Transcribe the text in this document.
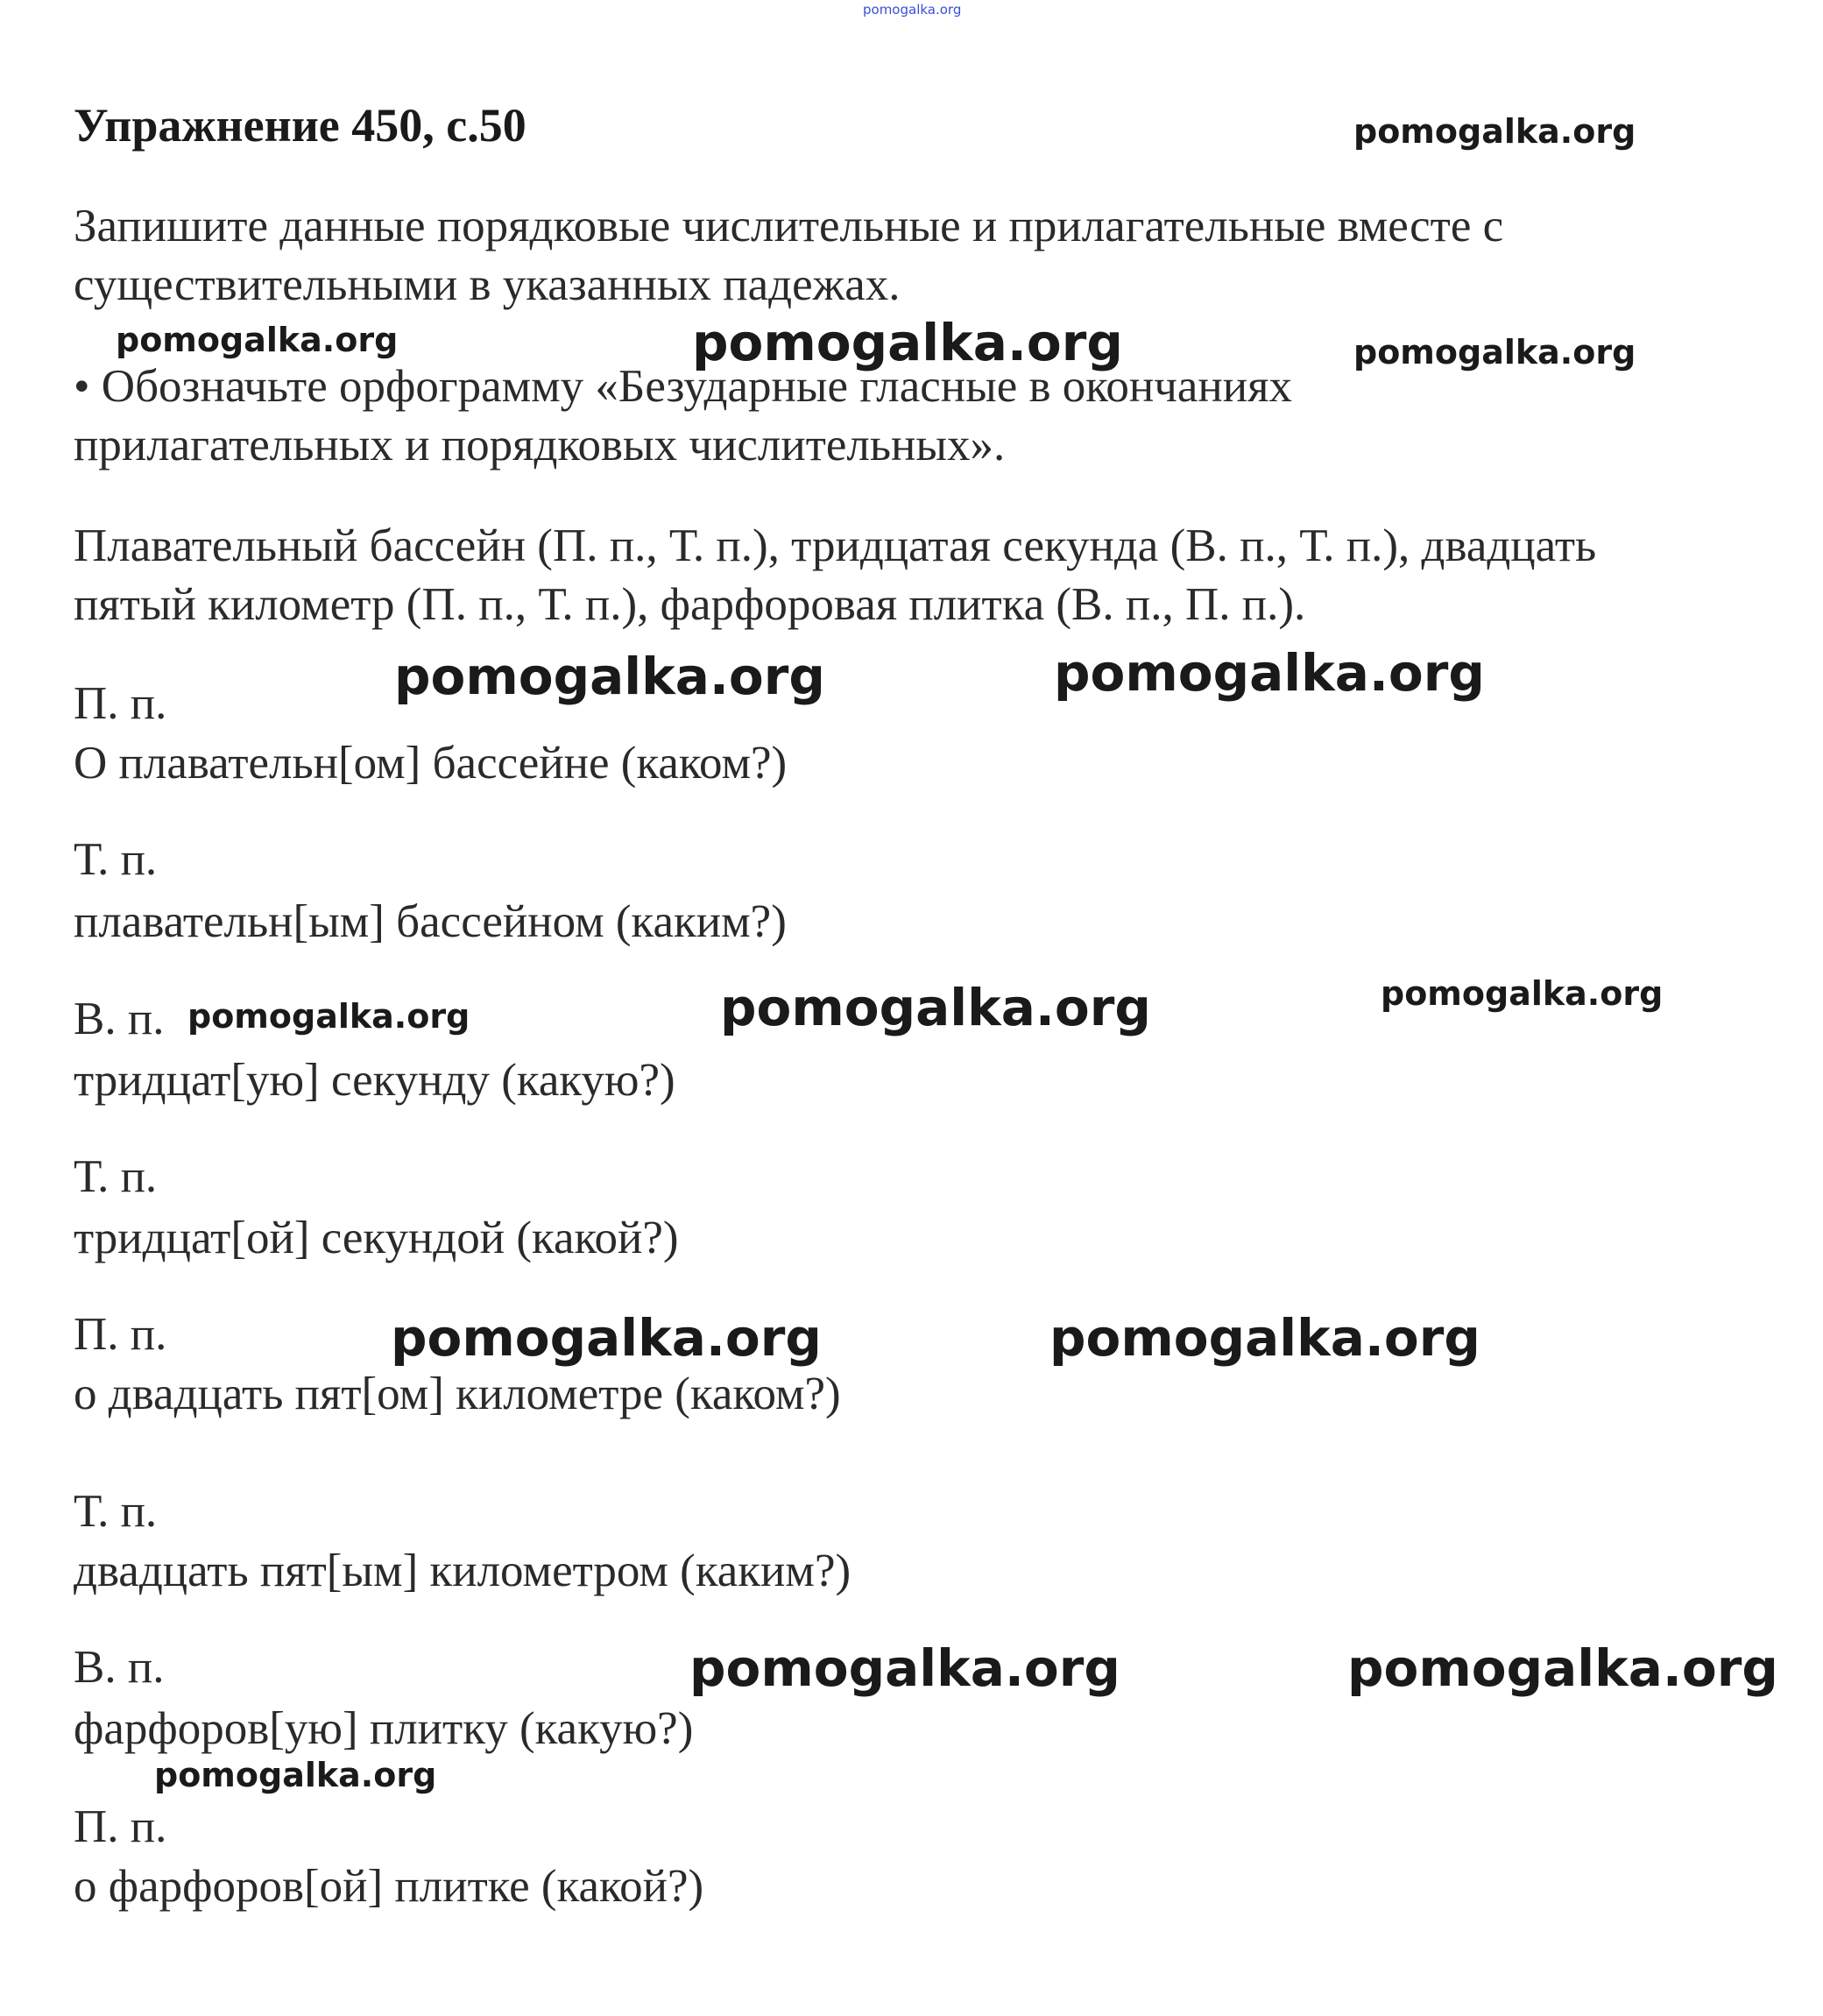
pomogalka.org
Упражнение 450, с.50
Запишите данные порядковые числительные и прилагательные вместе с
существительными в указанных падежах.
• Обозначьте орфограмму «Безударные гласные в окончаниях
прилагательных и порядковых числительных».
Плавательный бассейн (П. п., Т. п.), тридцатая секунда (В. п., Т. п.), двадцать
пятый километр (П. п., Т. п.), фарфоровая плитка (В. п., П. п.).
П. п.
О плавательн[ом] бассейне (каком?)
Т. п.
плавательн[ым] бассейном (каким?)
В. п.
тридцат[ую] секунду (какую?)
Т. п.
тридцат[ой] секундой (какой?)
П. п.
о двадцать пят[ом] километре (каком?)
Т. п.
двадцать пят[ым] километром (каким?)
В. п.
фарфоров[ую] плитку (какую?)
П. п.
о фарфоров[ой] плитке (какой?)
pomogalka.org
pomogalka.org	pomogalka.org	pomogalka.org
pomogalka.org	pomogalka.org
pomogalka.org	pomogalka.org	pomogalka.org
pomogalka.org	pomogalka.org
pomogalka.org	pomogalka.org
pomogalka.org
